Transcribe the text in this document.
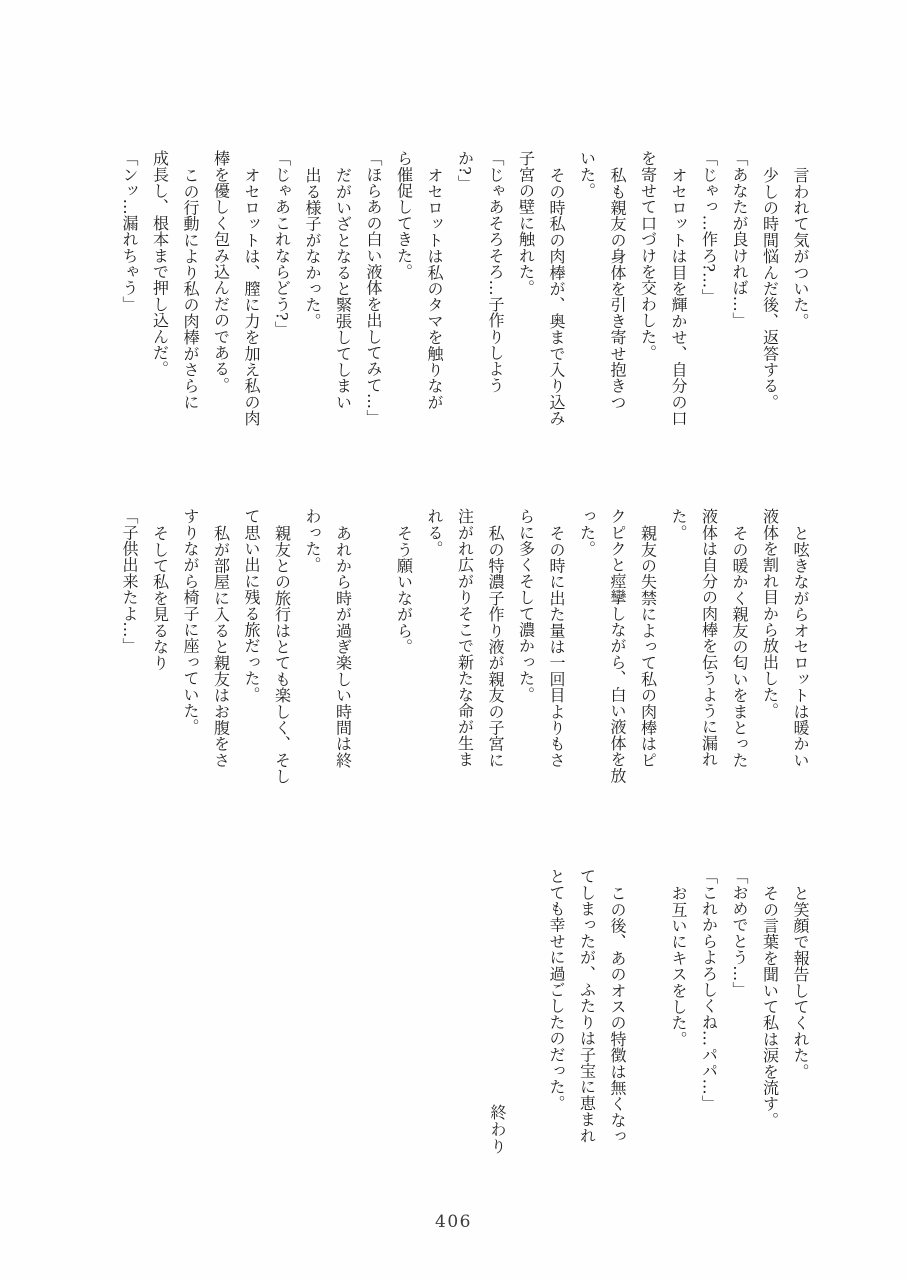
言われて気がついた。

少しの時間悩んだ後、返答する。

「あなたが良ければ…」

「じゃっ…作ろ?…」

オセロットは目を輝かせ、自分の口

を寄せて口づけを交わした。

私も親友の身体を引き寄せ抱きつ

いた。

その時私の肉棒が、奥まで入り込み

子宮の壁に触れた。

「じゃあそろそろ…子作りしよう

か?」

オセロットは私のタマを触りなが

ら催促してきた。

「ほらあの白い液体を出してみて…」

だがいざとなると緊張してしまい

出る様子がなかった。

「じゃあこれならどう?」

オセロットは、膣に力を加え私の肉

棒を優しく包み込んだのである。

この行動により私の肉棒がさらに

成長し、根本まで押し込んだ。

「ンッ…漏れちゃう」

と呟きながらオセロットは暖かい

液体を割れ目から放出した。

その暖かく親友の匂いをまとった

液体は自分の肉棒を伝うように漏れ

た。

親友の失禁によって私の肉棒はピ

クピクと痙攣しながら、白い液体を放

った。

その時に出た量は一回目よりもさ

らに多くそして濃かった。

私の特濃子作り液が親友の子宮に

注がれ広がりそこで新たな命が生ま

れる。

そう願いながら。

あれから時が過ぎ楽しい時間は終

わった。

親友との旅行はとても楽しく、そし

て思い出に残る旅だった。

私が部屋に入ると親友はお腹をさ

すりながら椅子に座っていた。

そして私を見るなり

「子供出来たよ…」

と笑顔で報告してくれた。

その言葉を聞いて私は涙を流す。

「おめでとう…」

「これからよろしくね…パパ…」

お互いにキスをした。

この後、あのオスの特徴は無くなっ

てしまったが、ふたりは子宝に恵まれ

とても幸せに過ごしたのだった。

終わり
406
